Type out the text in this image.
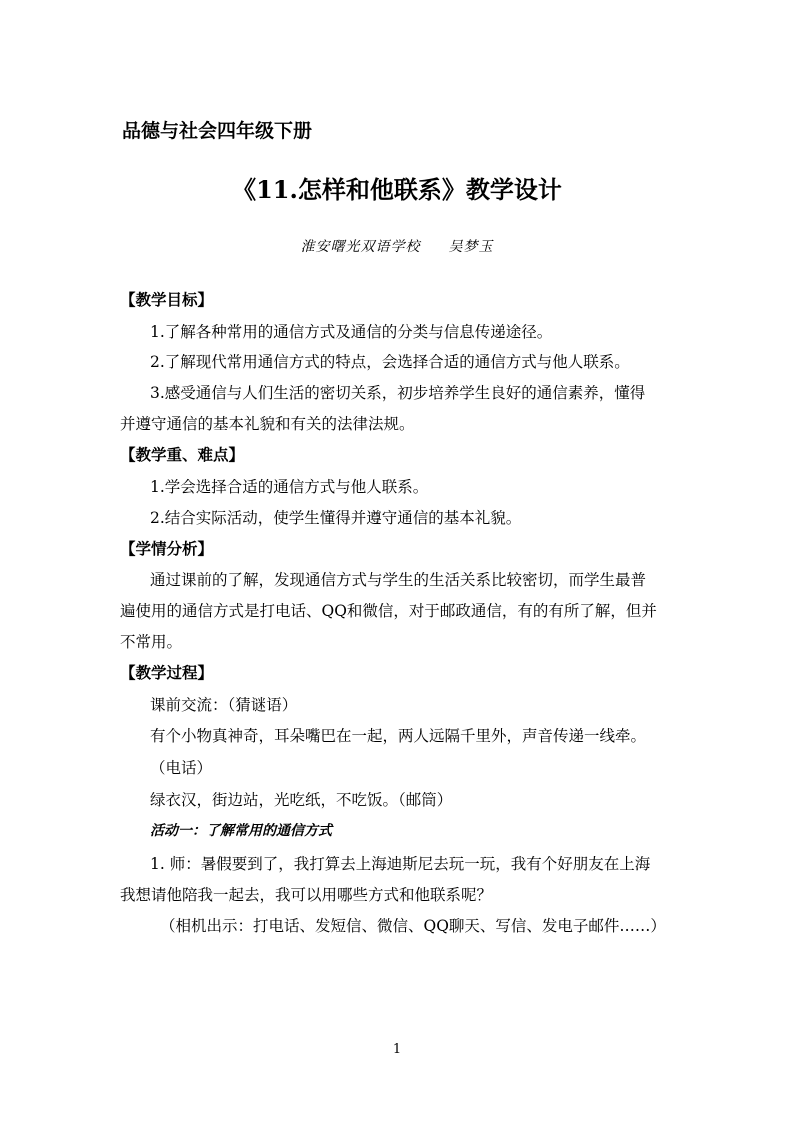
品德与社会四年级下册
《11.怎样和他联系》教学设计
淮安曙光双语学校 吴梦玉
【教学目标】
1.了解各种常用的通信方式及通信的分类与信息传递途径。
2.了解现代常用通信方式的特点，会选择合适的通信方式与他人联系。
3.感受通信与人们生活的密切关系，初步培养学生良好的通信素养，懂得
并遵守通信的基本礼貌和有关的法律法规。
【教学重、难点】
1.学会选择合适的通信方式与他人联系。
2.结合实际活动，使学生懂得并遵守通信的基本礼貌。
【学情分析】
通过课前的了解，发现通信方式与学生的生活关系比较密切，而学生最普
遍使用的通信方式是打电话、QQ和微信，对于邮政通信，有的有所了解，但并
不常用。
【教学过程】
课前交流：（猜谜语）
有个小物真神奇，耳朵嘴巴在一起，两人远隔千里外，声音传递一线牵。
（电话）
绿衣汉，街边站，光吃纸，不吃饭。（邮筒）
活动一：了解常用的通信方式
1. 师：暑假要到了，我打算去上海迪斯尼去玩一玩，我有个好朋友在上海
我想请他陪我一起去，我可以用哪些方式和他联系呢？
（相机出示：打电话、发短信、微信、QQ聊天、写信、发电子邮件……）
1
